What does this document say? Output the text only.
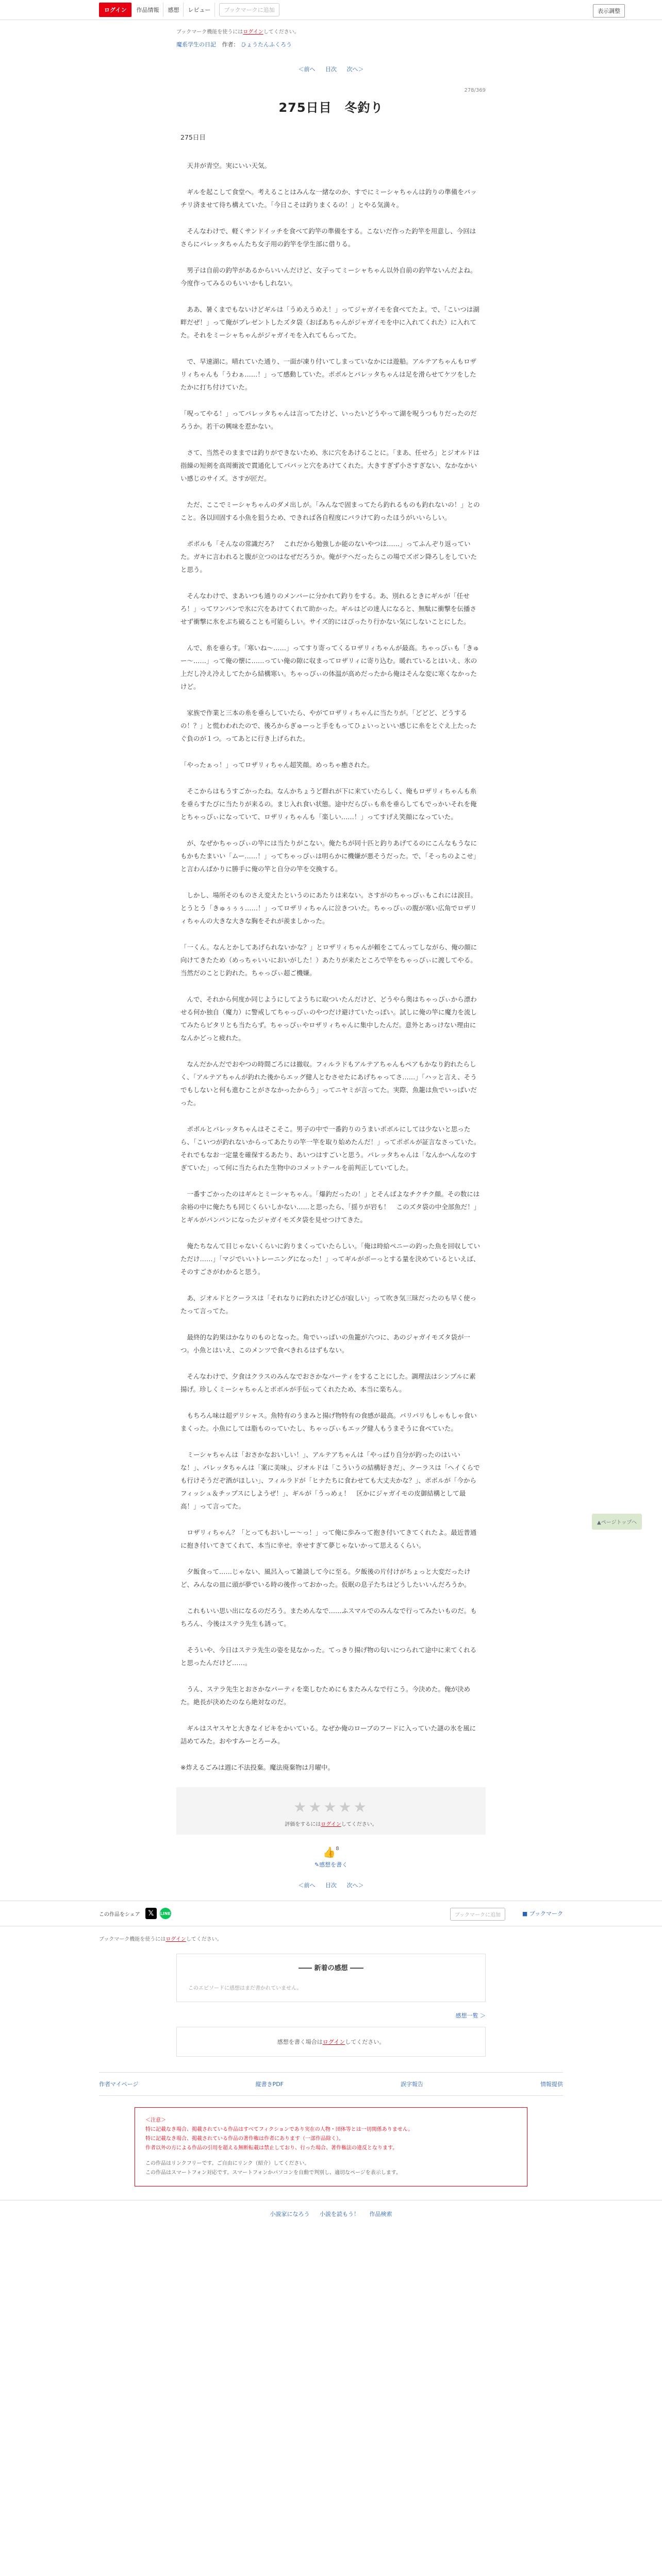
ログイン	作品情報	感想	レビュー	ブックマークに追加	表示調整
ブックマーク機能を使うにはログインしてください。
魔系学生の日記 作者： ひょうたんふくろう
＜前へ 目次 次へ＞
278/369
275日目　冬釣り

275日目

　天井が青空。実にいい天気。

　ギルを起こして食堂へ。考えることはみんな一緒なのか、すでにミーシャちゃんは釣りの準備をバッチリ済ませて待ち構えていた。「今日こそは釣りまくるの！」とやる気満々。

　そんなわけで、軽くサンドイッチを食べて釣竿の準備をする。こないだ作った釣竿を用意し、今回はさらにパレッタちゃんたち女子用の釣竿を学生部に借りる。

　男子は自前の釣竿があるからいいんだけど、女子ってミーシャちゃん以外自前の釣竿ないんだよね。今度作ってみるのもいいかもしれない。

　ああ、暑くまでもないけどギルは「うめえうめえ！」ってジャガイモを食べてたよ。で、「こいつは湖畔だぜ！」って俺がプレゼントしたズタ袋（おばあちゃんがジャガイモを中に入れてくれた）に入れてた。それをミーシャちゃんがジャガイモを入れてもらってた。

　で、早速湖に。晴れていた通り、一面が凍り付いてしまっていなかには遊船。アルテアちゃんもロザリィちゃんも「うわぁ……！」って感動していた。ポボルとパレッタちゃんは足を滑らせてケツをしたたかに打ち付けていた。

「呪ってやる！」ってパレッタちゃんは言ってたけど、いったいどうやって湖を呪うつもりだったのだろうか。若干の興味を惹かない。

　さて、当然そのままでは釣りができないため、氷に穴をあけることに。「まあ、任せろ」とジオルドは指繰の短剣を高周衝波で貫通化してパパッと穴をあけてくれた。大きすぎず小さすぎない、なかなかいい感じのサイズ。さすが匠だ。

　ただ、ここでミーシャちゃんのダメ出しが。「みんなで固まってたら釣れるものも釣れないの！」とのこと。各以回固する小魚を狙うため、できれば各自程度にバラけて釣ったほうがいいらしい。

　ポボルも「そんなの常識だろ？　これだから勉強しか能のないやつは……」ってふんぞり返っていた。ガキに言われると腹が立つのはなぜだろうか。俺がテヘだったらこの場でズボン降ろしをしていたと思う。

　そんなわけで、まあいつも通りのメンバーに分かれて釣りをする。あ、別れるときにギルが「任せろ！」ってワンパンで氷に穴をあけてくれて助かった。ギルはどの達人になると、無駄に衝撃を伝播させず衝撃に氷をぶち破ることも可能らしい。サイズ的にはぴったり行かない気にしないことにした。

　んで、糸を垂らす。「寒いね～……」ってすり寄ってくるロザリィちゃんが最高。ちゃっぴぃも「きゅー～……」って俺の懐に……ってい俺の隙に収まってロザリィに寄り込む。暖れているとはいえ、氷の上だし冷え冷えしてたから結構寒い。ちゃっぴぃの体温が高めだったから俺はそんな変に寒くなかったけど。

　家族で作業と三本の糸を垂らしていたら、やがてロザリィちゃんに当たりが。「どどど、どうするの！？」と慌わわれたので、後ろからぎゅーっと手をもってひょいっといい感じに糸をとぐえ上たったぐ負のが１つ。ってあとに行き上げられた。

「やったぁっ！」ってロザリィちゃん超笑顔。めっちゃ癒された。

　そこからはもうすごかったね。なんかちょうど群れが下に来ていたらしく、俺もロザリィちゃんも糸を垂らすたびに当たりが来るの。まじ入れ食い状態。途中だらぴぃも糸を垂らしてもでっかいそれを俺とちゃっぴぃになっていて、ロザリィちゃんも「楽しい……！」ってすげえ笑顔になっていた。

　が、なぜかちゃっぴぃの竿には当たりがこない。俺たちが同十匹と釣りあげてるのにこんなもうなにもかもたまいい「ムー……！」ってちゃっぴぃは明らかに機嫌が悪そうだった。で、「そっちのよこせ」と言わんばかりに勝手に俺の竿と自分の竿を交換する。

　しかし、場所そのものさえ変えたというのにあたりは来ない。さすがのちゃっぴぃもこれには涙目。とうとう「きゅぅぅぅ……！」ってロザリィちゃんに泣きついた。ちゃっぴぃの腹が寒い広角でロザリィちゃんの大きな大きな胸をそれが羨ましかった。

「一くん。なんとかしてあげられないかな？」とロザリィちゃんが頼をこてんってしながら、俺の顔に向けてきたため（めっちゃいいにおいがした！）あたりが来たところで竿をちゃっぴぃに渡してやる。当然だのことじ釣れた。ちゃっぴぃ超ご機嫌。

　んで、それから何度か同じようにしてようちに取ついたんだけど、どうやら奥はちゃっぴぃから漂わせる何か独自（魔力）に警戒してちゃっぴぃのやつだけ避けていたっぽい。試しに俺の竿に魔力を流してみたらビタリとも当たらず。ちゃっぴぃやロザリィちゃんに集中したんだ。意外とあっけない理由になんかどっと疲れた。

　なんだかんだでおやつの時間ごろには撤収。フィルラドもアルテアちゃんもペアもかなり釣れたらしく、「アルテアちゃんが釣れた後からエッグ健人とむさせたにあげちゃってさ……」「ハッと言え、そうでもしないと何も進むことがさなかったからう」ってニヤミが言ってた。実際、魚籠は魚でいっぱいだった。

　ポボルとパレッタちゃんはそこそこ。男子の中で一番釣りのうまいポボルにしては少ないと思ったら、「こいつが釣れないからってあたりの竿一竿を取り始めたんだ！」ってポボルが証言なさっていた。それでもなお一定量を確保するあたり、あいつはすごいと思う。パレッタちゃんは「なんかへんなのすぎていた」って何に当たられた生物中のコメットテールを前判正していてした。

　一番すごかったのはギルとミーシャちゃん。「爆釣だったの！」とそんばよなチクチク顔。その数には余裕の中に俺たちも同じくらいしかない……と思ったら、「揺りが岩も！　このズタ袋の中全部魚だ！」とギルがパンパンになったジャガイモズタ袋を見せつけてきた。

　俺たちなんて目じゃないくらいに釣りまくっていたらしい。「俺は時給ペニーの釣った魚を回収していただけ……」「マジでいいトレーニングになった！」ってギルがボーっとする量を決めているといえば、そのすごさがわかると思う。

　あ、ジオルドとクーラスは「それなりに釣れたけど心が寂しい」って吹き気三昧だったのも早く使ったって言ってた。

　最終的な釣果はかなりのものとなった。角でいっぱいの魚籠が六つに、あのジャガイモズタ袋が一つ。小魚とはいえ、このメンツで食べきれるはずもない。

　そんなわけで、夕食はクラスのみんなでおさかなパーティをすることにした。調理法はシンプルに素揚げ。珍しくミーシャちゃんとポボルが手伝ってくれたため、本当に楽ちん。

　もちろん味は超デリシャス。魚特有のうまみと揚げ物特有の食感が最高。パリパリもしゃもしゃ食いまくった。小魚にしては脂ものっていたし、ちゃっぴぃもエッグ健人もうまそうに食べていた。

　ミーシャちゃんは「おさかなおいしい！」、アルテアちゃんは「やっぱり自分が釣ったのはいいな！」、パレッタちゃんは「案に美味」、ジオルドは「こういうの結構好きだ」、クーラスは「ヘイくらでも行けそうだぞ酒がほしい」、フィルラドが「ヒナたちに食わせても大丈夫かな？」、ポボルが「今からフィッシュ＆チップスにしようぜ！」、ギルが「うっめぇ！　区かにジャガイモの皮御結構として最高！」って言ってた。

　ロザリィちゃん？「とってもおいしー～っ！」って俺に歩みって抱き付いてきてくれたよ。最近普通に抱き付いてきてくれて、本当に幸せ。幸せすぎて夢じゃないかって思えるくらい。

　夕飯食って……じゃない、風呂入って雑談して今に至る。夕飯後の片付けがちょっと大変だったけど、みんなの皿に頭が夢でいる時の後作っておかった。仮眠の息子たちはどうしたいいんだろうか。

　これもいい思い出になるのだろう。まためんなで……ふスマルでのみんなで行ってみたいものだ。もちろん、今後はステラ先生も誘って。

　そういや、今日はステラ先生の姿を見なかった。てっきり揚げ物の匂いにつられて途中に来てくれると思ったんだけど……。

　うん、ステラ先生とおさかなパーティを楽しむためにもまたみんなで行こう。今決めた。俺が決めた。絶長が決めたのなら絶対なのだ。

　ギルはスヤスヤと大きなイビキをかいている。なぜか俺のローブのフードに入っていた謎の氷を風に詰めてみた。おやすみーとろーみ。

※炸えるごみは週に不法投棄。魔法廃棄物は月曜中。

★★★★★
評価をするにはログインしてください。
👍8
✎感想を書く
＜前へ 目次 次へ＞
この作品をシェア	𝕏	LINE	ブックマークに追加	■ ブックマーク
ブックマーク機能を使うにはログインしてください。
―― 新着の感想 ――
このエピソードに感想はまだ書かれていません。
感想一覧 ＞
感想を書く場合はログインしてください。
作者マイページ	縦書きPDF	誤字報告	情報提供
＜注意＞
特に記載なき場合、掲載されている作品はすべてフィクションであり実在の人物・団体等とは一切関係ありません。
特に記載なき場合、掲載されている作品の著作権は作者にあります（一部作品除く）。
作者以外の方による作品の引用を超える無断転載は禁止しており、行った場合、著作権法の違反となります。
この作品はリンクフリーです。ご自由にリンク（紹介）してください。
この作品はスマートフォン対応です。スマートフォンかパソコンを自動で判別し、適切なページを表示します。
小説家になろう 小説を読もう！ 作品検索
▲ページトップへ
